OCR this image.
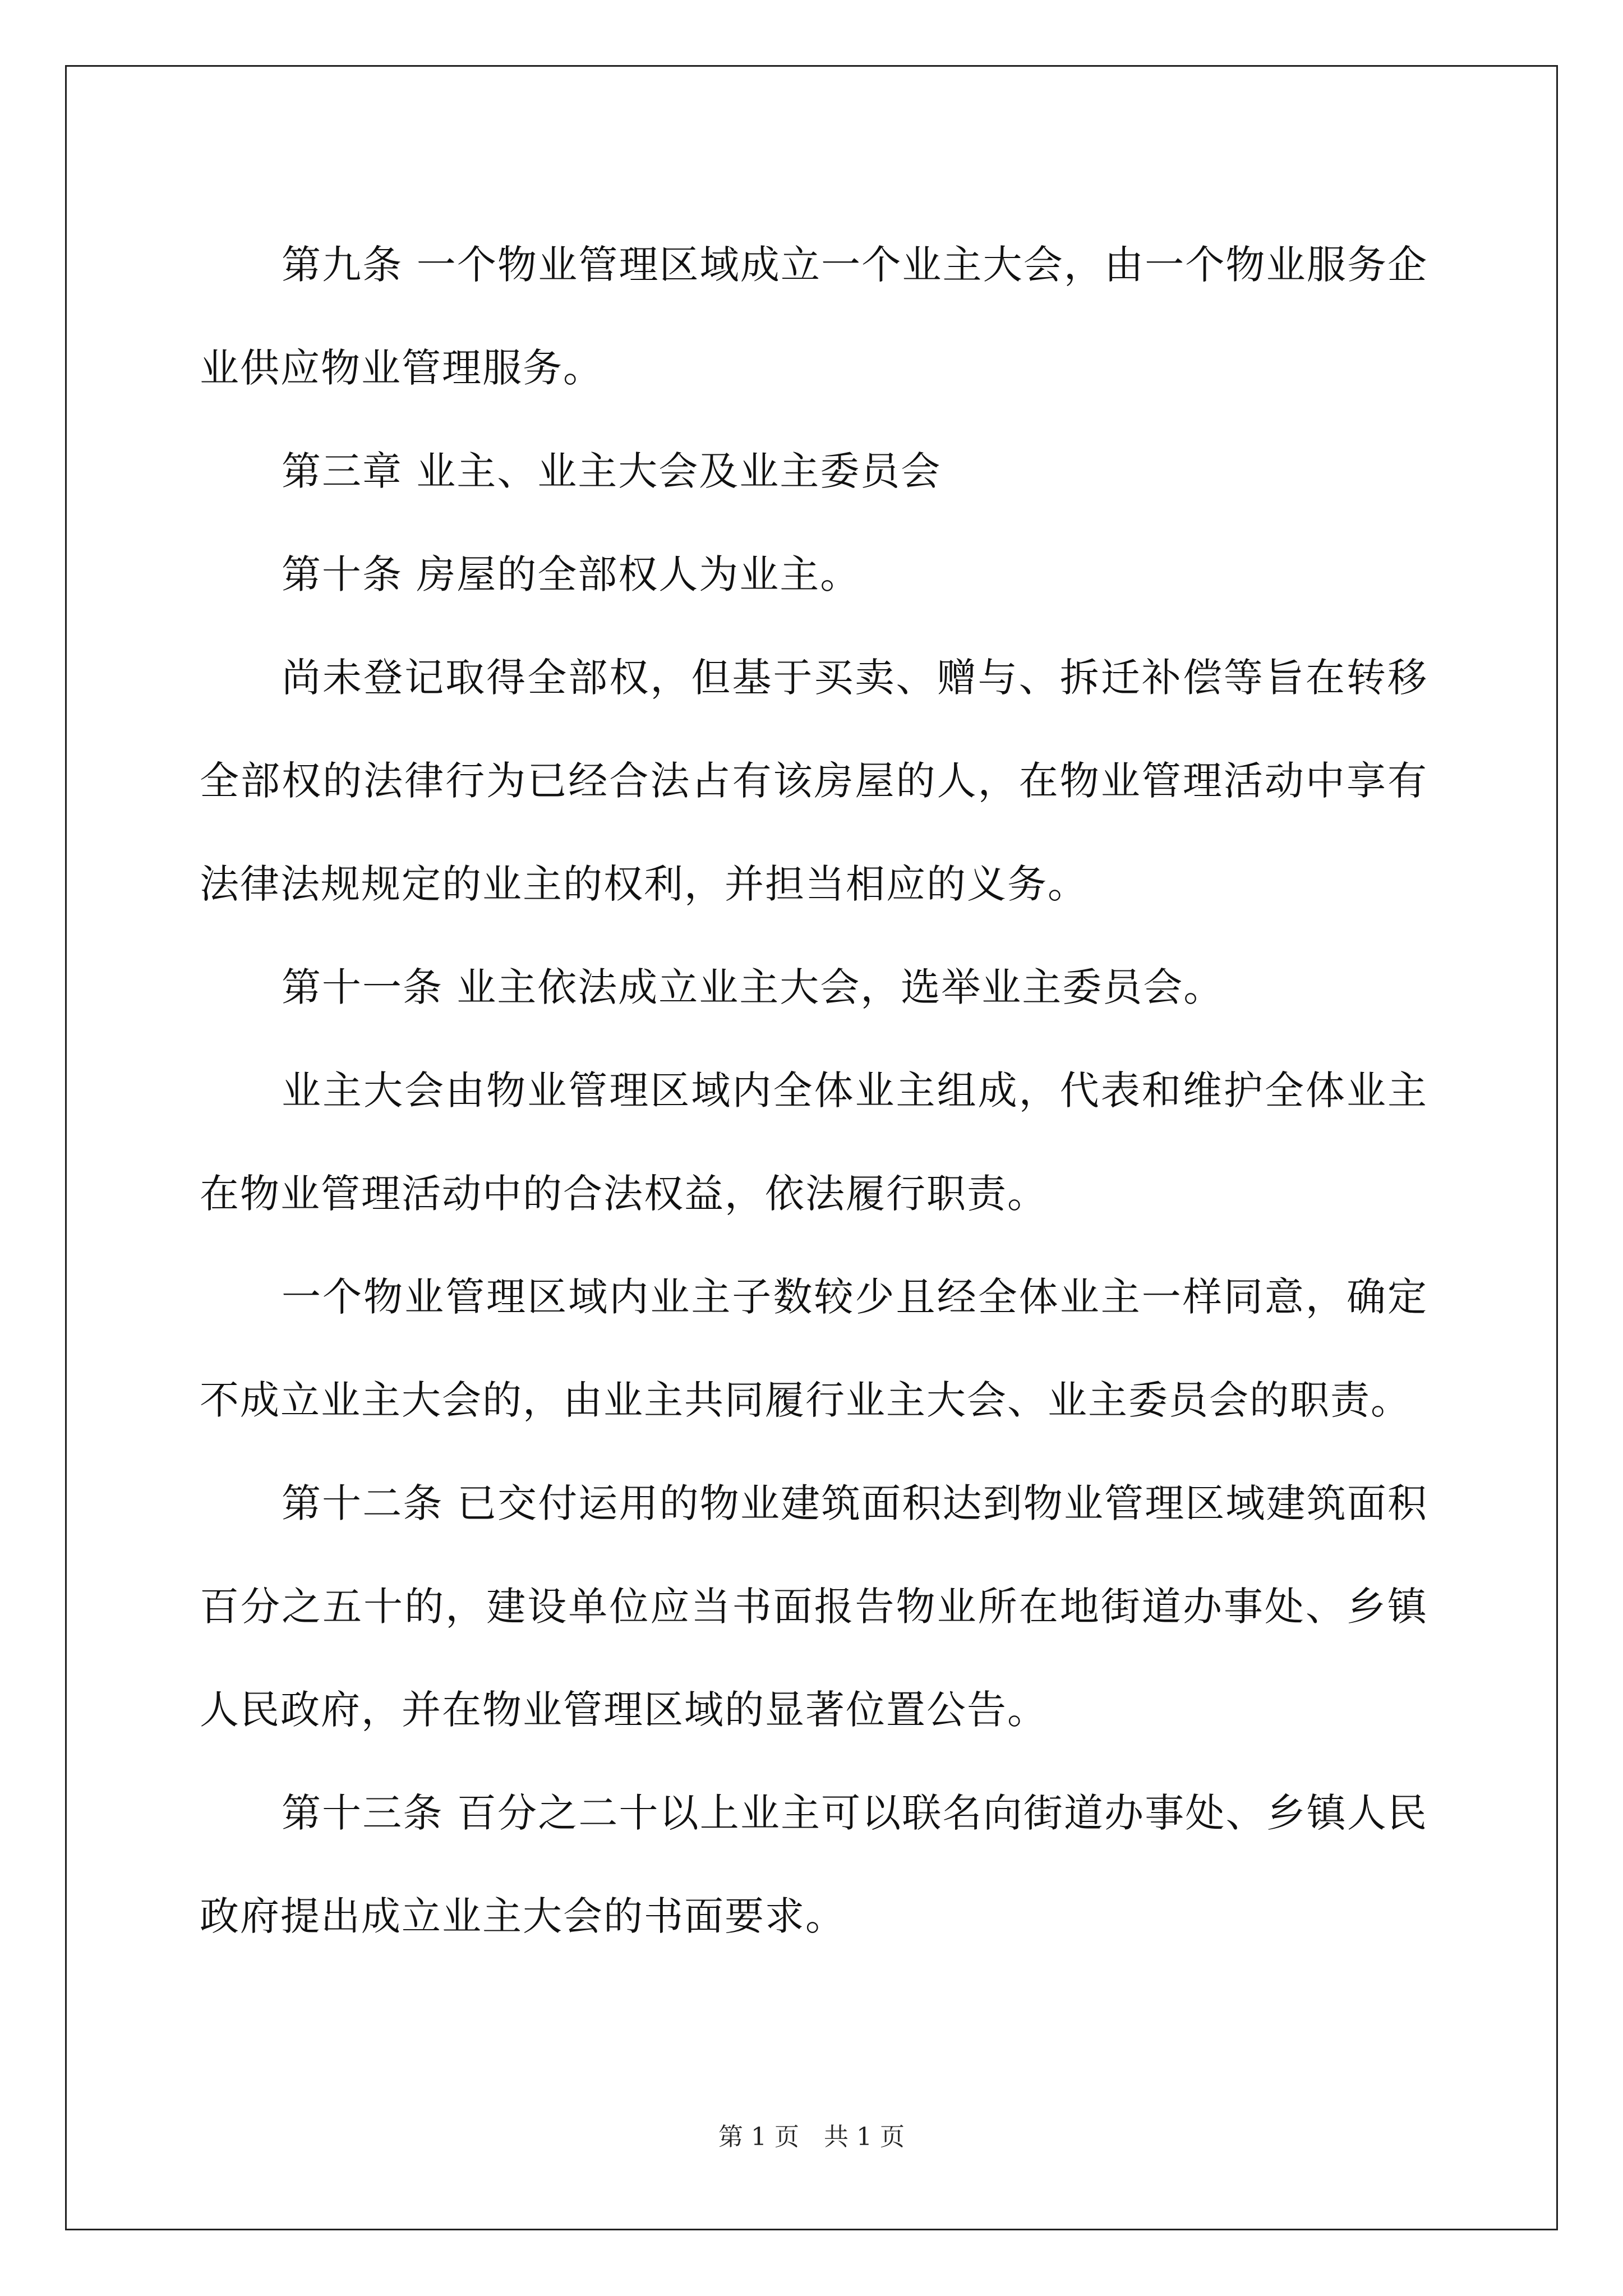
第九条 一个物业管理区域成立一个业主大会，由一个物业服务企业供应物业管理服务。

第三章 业主、业主大会及业主委员会

第十条 房屋的全部权人为业主。

尚未登记取得全部权，但基于买卖、赠与、拆迁补偿等旨在转移全部权的法律行为已经合法占有该房屋的人，在物业管理活动中享有法律法规规定的业主的权利，并担当相应的义务。

第十一条 业主依法成立业主大会，选举业主委员会。

业主大会由物业管理区域内全体业主组成，代表和维护全体业主在物业管理活动中的合法权益，依法履行职责。

一个物业管理区域内业主子数较少且经全体业主一样同意，确定不成立业主大会的，由业主共同履行业主大会、业主委员会的职责。

第十二条 已交付运用的物业建筑面积达到物业管理区域建筑面积百分之五十的，建设单位应当书面报告物业所在地街道办事处、乡镇人民政府，并在物业管理区域的显著位置公告。

第十三条 百分之二十以上业主可以联名向街道办事处、乡镇人民政府提出成立业主大会的书面要求。

第 1 页　共 1 页
